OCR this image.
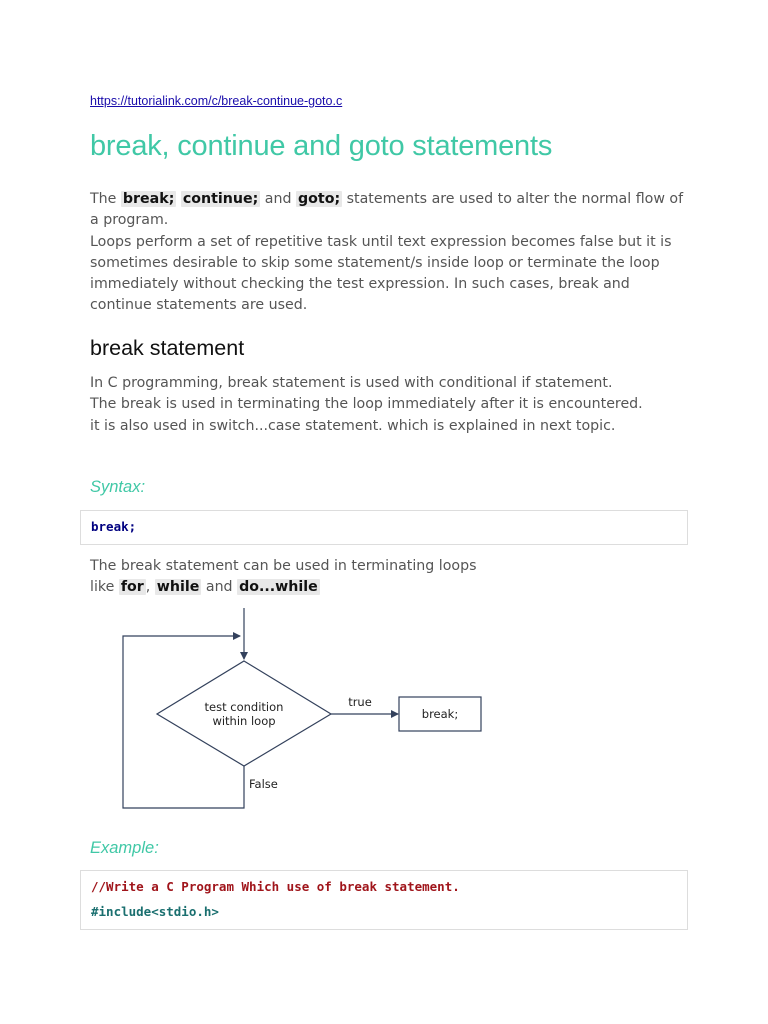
https://tutorialink.com/c/break-continue-goto.c
break, continue and goto statements

The break; continue; and goto; statements are used to alter the normal flow of a program.
Loops perform a set of repetitive task until text expression becomes false but it is sometimes desirable to skip some statement/s inside loop or terminate the loop immediately without checking the test expression. In such cases, break and continue statements are used.

break statement

In C programming, break statement is used with conditional if statement.
The break is used in terminating the loop immediately after it is encountered.
it is also used in switch...case statement. which is explained in next topic.

Syntax:
break;

The break statement can be used in terminating loops
like for , while and do...while

test condition
within loop
true
break;
False
Example:
//Write a C Program Which use of break statement.
#include<stdio.h>
